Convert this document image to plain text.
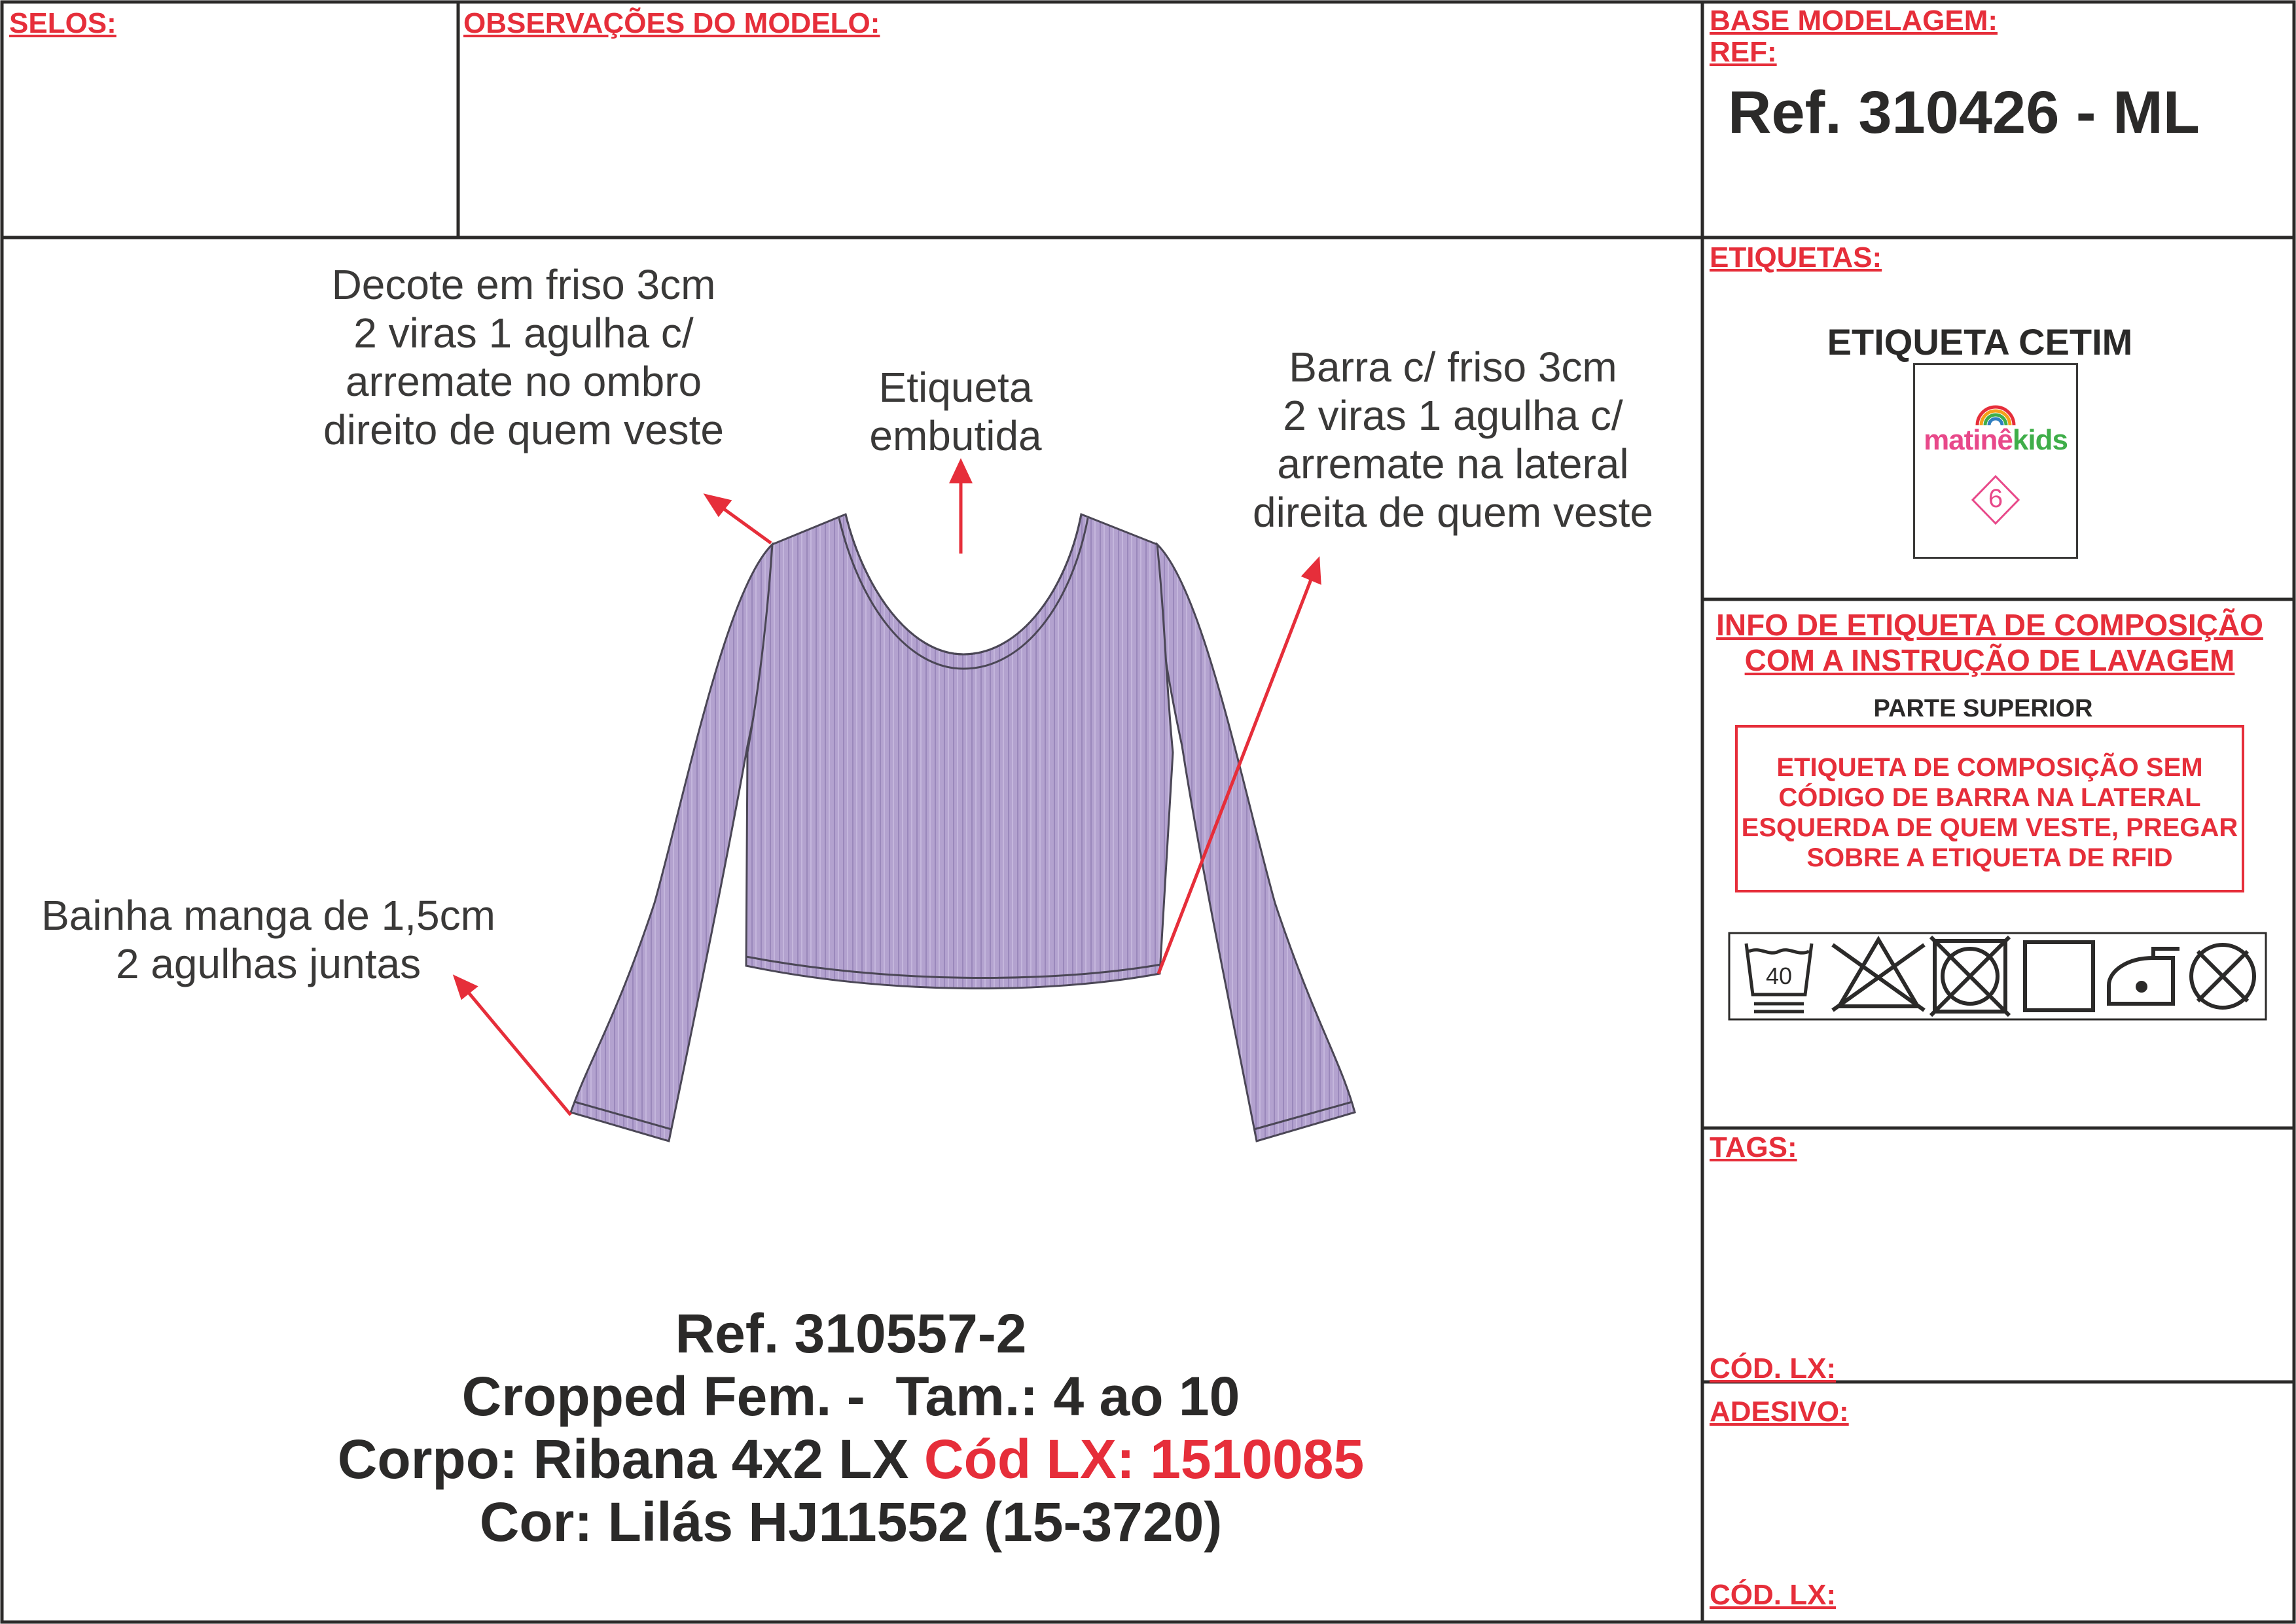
SELOS:	OBSERVAÇÕES DO MODELO:	BASE MODELAGEM:
REF:
ETIQUETAS:
TAGS:
CÓD. LX:
ADESIVO:
CÓD. LX:
Ref. 310426 - ML
Decote em friso 3cm
2 viras 1 agulha c/
arremate no ombro
direito de quem veste
Etiqueta
embutida
Barra c/ friso 3cm
2 viras 1 agulha c/
arremate na lateral
direita de quem veste
Bainha manga de 1,5cm
2 agulhas juntas
Ref. 310557-2
Cropped Fem. -  Tam.: 4 ao 10
Corpo: Ribana 4x2 LX Cód LX: 1510085
Cor: Lilás HJ11552 (15-3720)
ETIQUETA CETIM
matinêkids
6
INFO DE ETIQUETA DE COMPOSIÇÃO
COM A INSTRUÇÃO DE LAVAGEM
PARTE SUPERIOR
ETIQUETA DE COMPOSIÇÃO SEM
CÓDIGO DE BARRA NA LATERAL
ESQUERDA DE QUEM VESTE, PREGAR
SOBRE A ETIQUETA DE RFID
40
